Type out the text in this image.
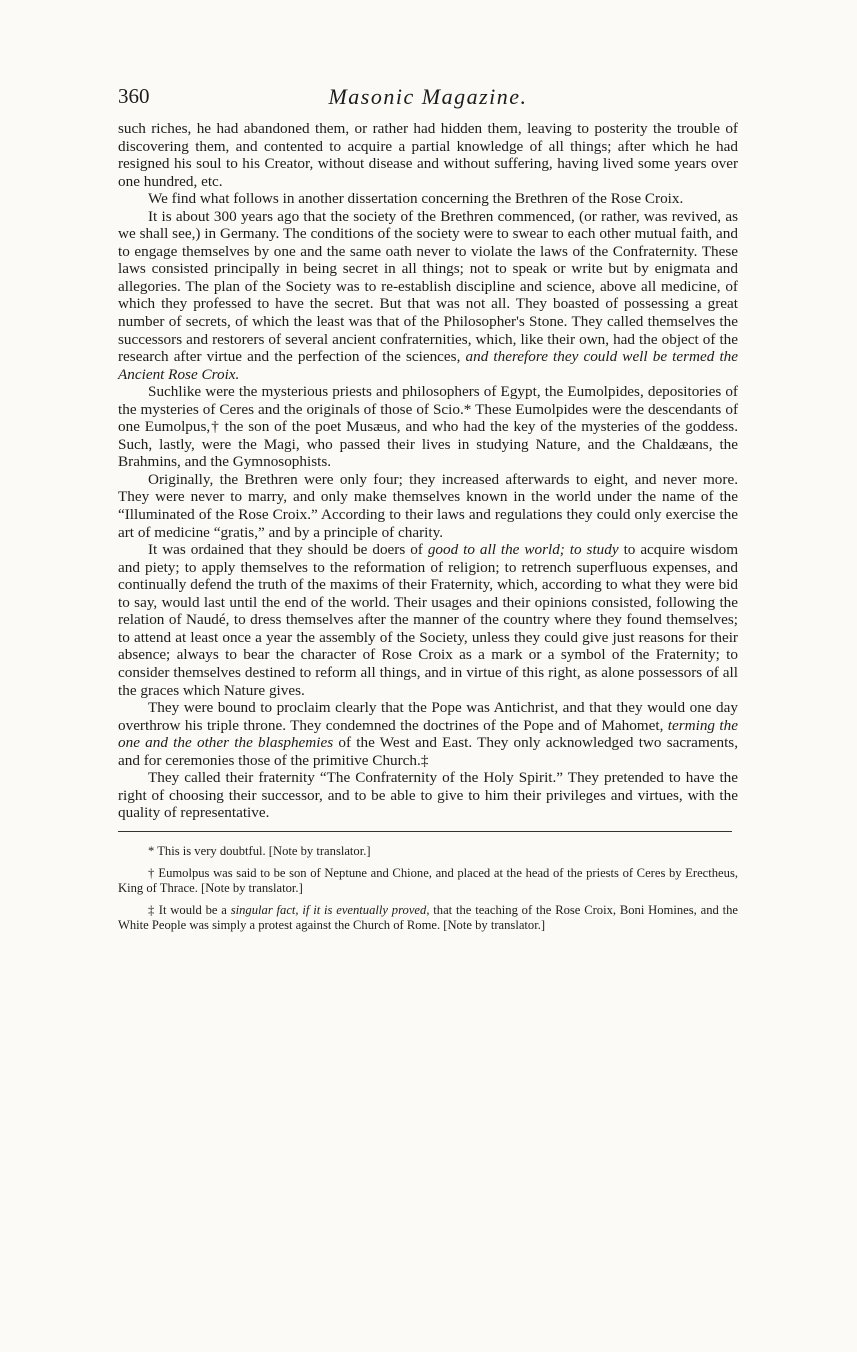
360	Masonic Magazine.

such riches, he had abandoned them, or rather had hidden them, leaving to posterity the trouble of discovering them, and contented to acquire a partial knowledge of all things; after which he had resigned his soul to his Creator, without disease and without suffering, having lived some years over one hundred, etc.

We find what follows in another dissertation concerning the Brethren of the Rose Croix.

It is about 300 years ago that the society of the Brethren commenced, (or rather, was revived, as we shall see,) in Germany. The conditions of the society were to swear to each other mutual faith, and to engage themselves by one and the same oath never to violate the laws of the Confraternity. These laws consisted principally in being secret in all things; not to speak or write but by enigmata and allegories. The plan of the Society was to re-establish discipline and science, above all medicine, of which they professed to have the secret. But that was not all. They boasted of possessing a great number of secrets, of which the least was that of the Philosopher's Stone. They called themselves the successors and restorers of several ancient confraternities, which, like their own, had the object of the research after virtue and the perfection of the sciences, and therefore they could well be termed the Ancient Rose Croix.

Suchlike were the mysterious priests and philosophers of Egypt, the Eumolpides, depositories of the mysteries of Ceres and the originals of those of Scio.* These Eumolpides were the descendants of one Eumolpus,† the son of the poet Musæus, and who had the key of the mysteries of the goddess. Such, lastly, were the Magi, who passed their lives in studying Nature, and the Chaldæans, the Brahmins, and the Gymnosophists.

Originally, the Brethren were only four; they increased afterwards to eight, and never more. They were never to marry, and only make themselves known in the world under the name of the “Illuminated of the Rose Croix.” According to their laws and regulations they could only exercise the art of medicine “gratis,” and by a principle of charity.

It was ordained that they should be doers of good to all the world; to study to acquire wisdom and piety; to apply themselves to the reformation of religion; to retrench superfluous expenses, and continually defend the truth of the maxims of their Fraternity, which, according to what they were bid to say, would last until the end of the world. Their usages and their opinions consisted, following the relation of Naudé, to dress themselves after the manner of the country where they found themselves; to attend at least once a year the assembly of the Society, unless they could give just reasons for their absence; always to bear the character of Rose Croix as a mark or a symbol of the Fraternity; to consider themselves destined to reform all things, and in virtue of this right, as alone possessors of all the graces which Nature gives.

They were bound to proclaim clearly that the Pope was Antichrist, and that they would one day overthrow his triple throne. They condemned the doctrines of the Pope and of Mahomet, terming the one and the other the blasphemies of the West and East. They only acknowledged two sacraments, and for ceremonies those of the primitive Church.‡

They called their fraternity “The Confraternity of the Holy Spirit.” They pretended to have the right of choosing their successor, and to be able to give to him their privileges and virtues, with the quality of representative.

* This is very doubtful. [Note by translator.]

† Eumolpus was said to be son of Neptune and Chione, and placed at the head of the priests of Ceres by Erectheus, King of Thrace. [Note by translator.]

‡ It would be a singular fact, if it is eventually proved, that the teaching of the Rose Croix, Boni Homines, and the White People was simply a protest against the Church of Rome. [Note by translator.]
